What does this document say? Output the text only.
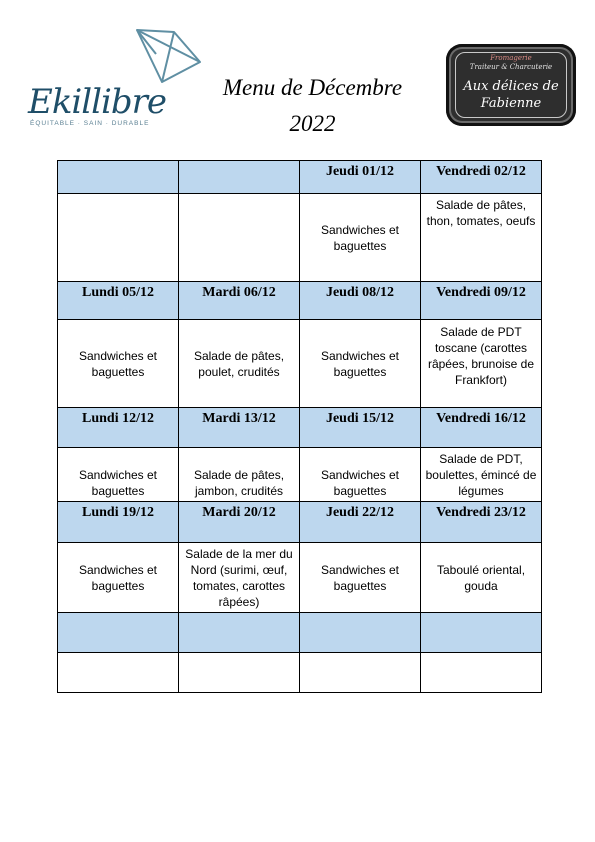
Ekillibre
ÉQUITABLE · SAIN · DURABLE
Menu de Décembre
2022
Fromagerie
Traiteur & Charcuterie
Aux délices de
Fabienne
		Jeudi 01/12	Vendredi 02/12
		Sandwiches et baguettes	Salade de pâtes, thon, tomates, oeufs
Lundi 05/12	Mardi 06/12	Jeudi 08/12	Vendredi 09/12
Sandwiches et baguettes	Salade de pâtes, poulet, crudités	Sandwiches et baguettes	Salade de PDT toscane (carottes râpées, brunoise de Frankfort)
Lundi 12/12	Mardi 13/12	Jeudi 15/12	Vendredi 16/12
Sandwiches et baguettes	Salade de pâtes, jambon, crudités	Sandwiches et baguettes	Salade de PDT, boulettes, émincé de légumes
Lundi 19/12	Mardi 20/12	Jeudi 22/12	Vendredi 23/12
Sandwiches et baguettes	Salade de la mer du Nord (surimi, œuf, tomates, carottes râpées)	Sandwiches et baguettes	Taboulé oriental, gouda
